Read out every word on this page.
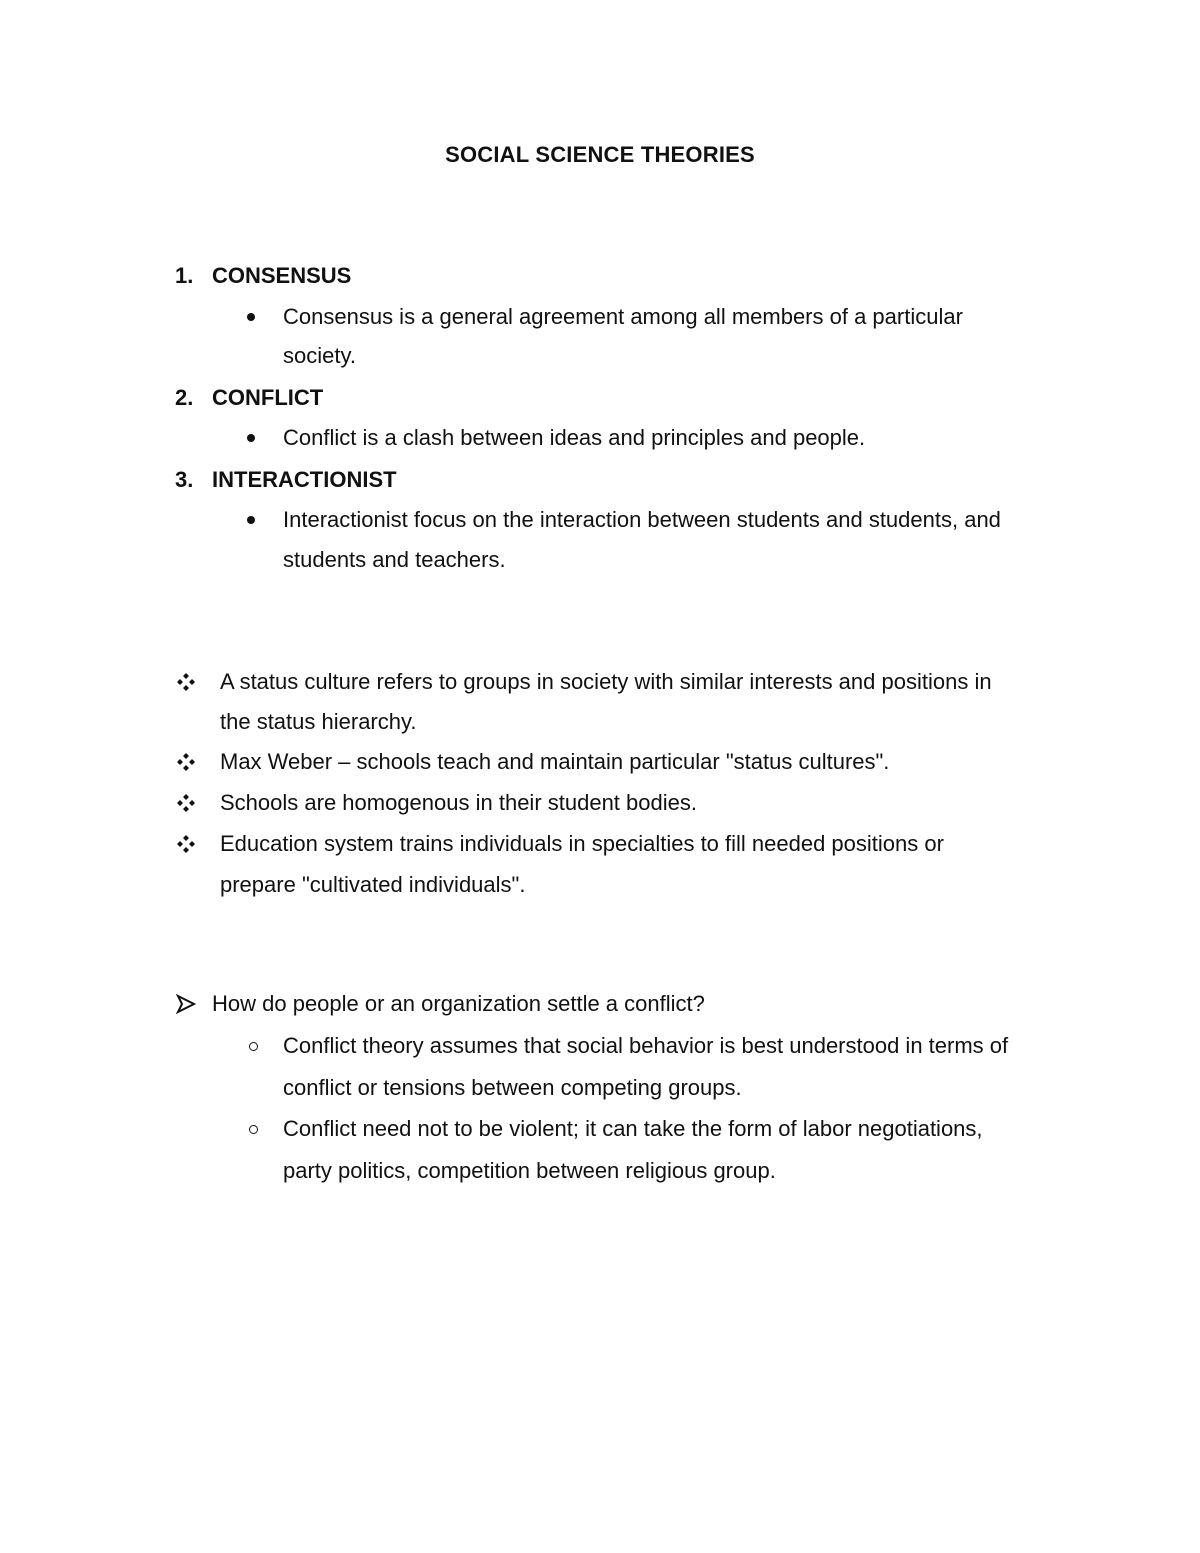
SOCIAL SCIENCE THEORIES
1. CONSENSUS
Consensus is a general agreement among all members of a particular
society.
2. CONFLICT
Conflict is a clash between ideas and principles and people.
3. INTERACTIONIST
Interactionist focus on the interaction between students and students, and
students and teachers.
A status culture refers to groups in society with similar interests and positions in
the status hierarchy.
Max Weber – schools teach and maintain particular "status cultures".
Schools are homogenous in their student bodies.
Education system trains individuals in specialties to fill needed positions or
prepare "cultivated individuals".
How do people or an organization settle a conflict?
Conflict theory assumes that social behavior is best understood in terms of
conflict or tensions between competing groups.
Conflict need not to be violent; it can take the form of labor negotiations,
party politics, competition between religious group.
